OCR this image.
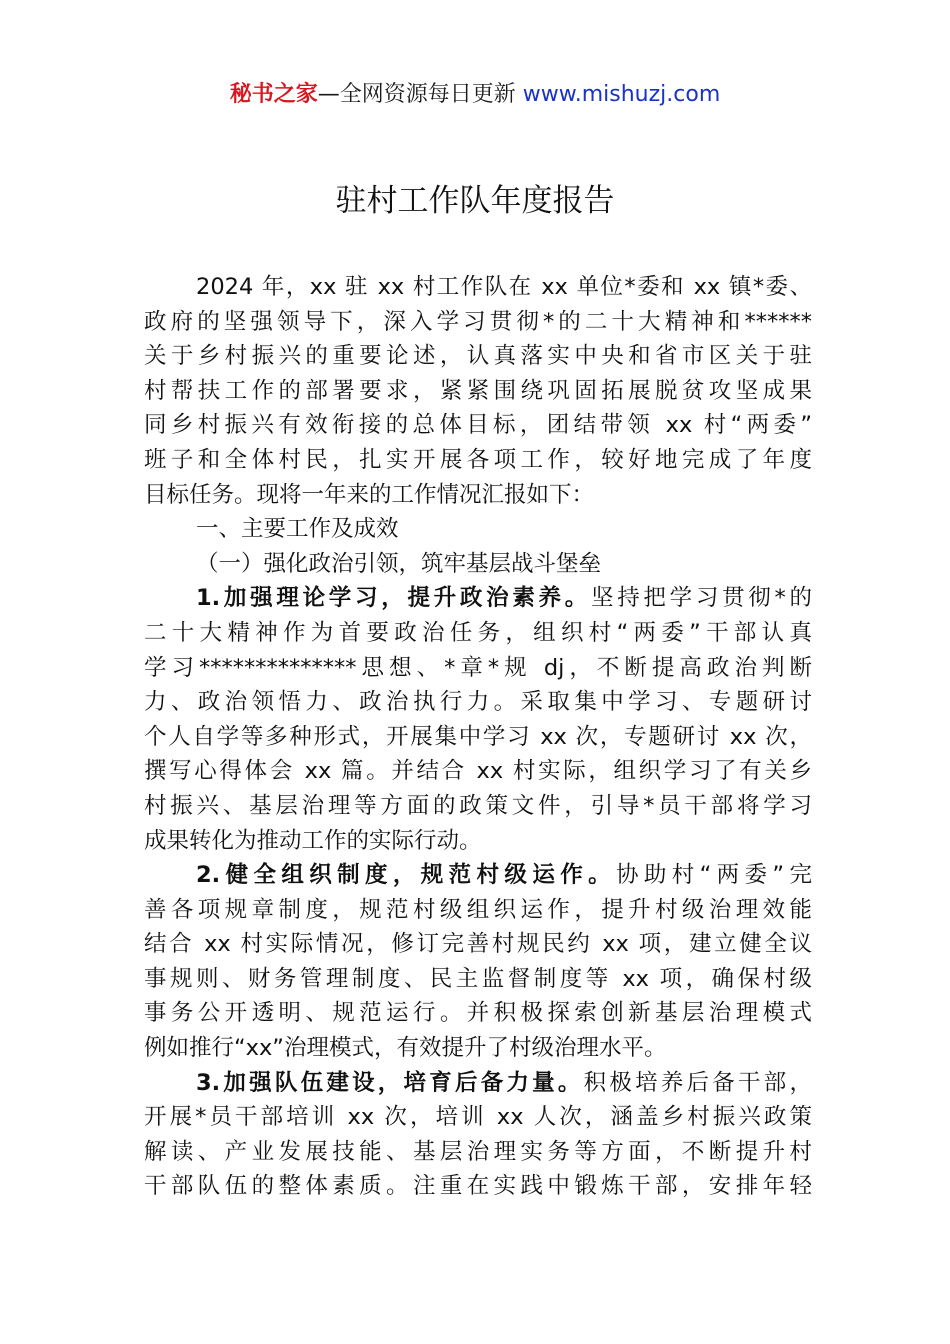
秘书之家—全网资源每日更新 www.mishuzj.com
驻村工作队年度报告
2024 年，xx 驻 xx 村工作队在 xx 单位*委和 xx 镇*委、
政府的坚强领导下，深入学习贯彻*的二十大精神和******
关于乡村振兴的重要论述，认真落实中央和省市区关于驻
村帮扶工作的部署要求，紧紧围绕巩固拓展脱贫攻坚成果
同乡村振兴有效衔接的总体目标，团结带领 xx 村“两委”
班子和全体村民，扎实开展各项工作，较好地完成了年度
目标任务。现将一年来的工作情况汇报如下：
一、主要工作及成效
（一）强化政治引领，筑牢基层战斗堡垒
1.加强理论学习，提升政治素养。坚持把学习贯彻*的
二十大精神作为首要政治任务，组织村“两委”干部认真
学习**************思想、*章*规 dj，不断提高政治判断
力、政治领悟力、政治执行力。采取集中学习、专题研讨
个人自学等多种形式，开展集中学习 xx 次，专题研讨 xx 次，
撰写心得体会 xx 篇。并结合 xx 村实际，组织学习了有关乡
村振兴、基层治理等方面的政策文件，引导*员干部将学习
成果转化为推动工作的实际行动。
2.健全组织制度，规范村级运作。协助村“两委”完
善各项规章制度，规范村级组织运作，提升村级治理效能
结合 xx 村实际情况，修订完善村规民约 xx 项，建立健全议
事规则、财务管理制度、民主监督制度等 xx 项，确保村级
事务公开透明、规范运行。并积极探索创新基层治理模式
例如推行“xx”治理模式，有效提升了村级治理水平。
3.加强队伍建设，培育后备力量。积极培养后备干部，
开展*员干部培训 xx 次，培训 xx 人次，涵盖乡村振兴政策
解读、产业发展技能、基层治理实务等方面，不断提升村
干部队伍的整体素质。注重在实践中锻炼干部，安排年轻
